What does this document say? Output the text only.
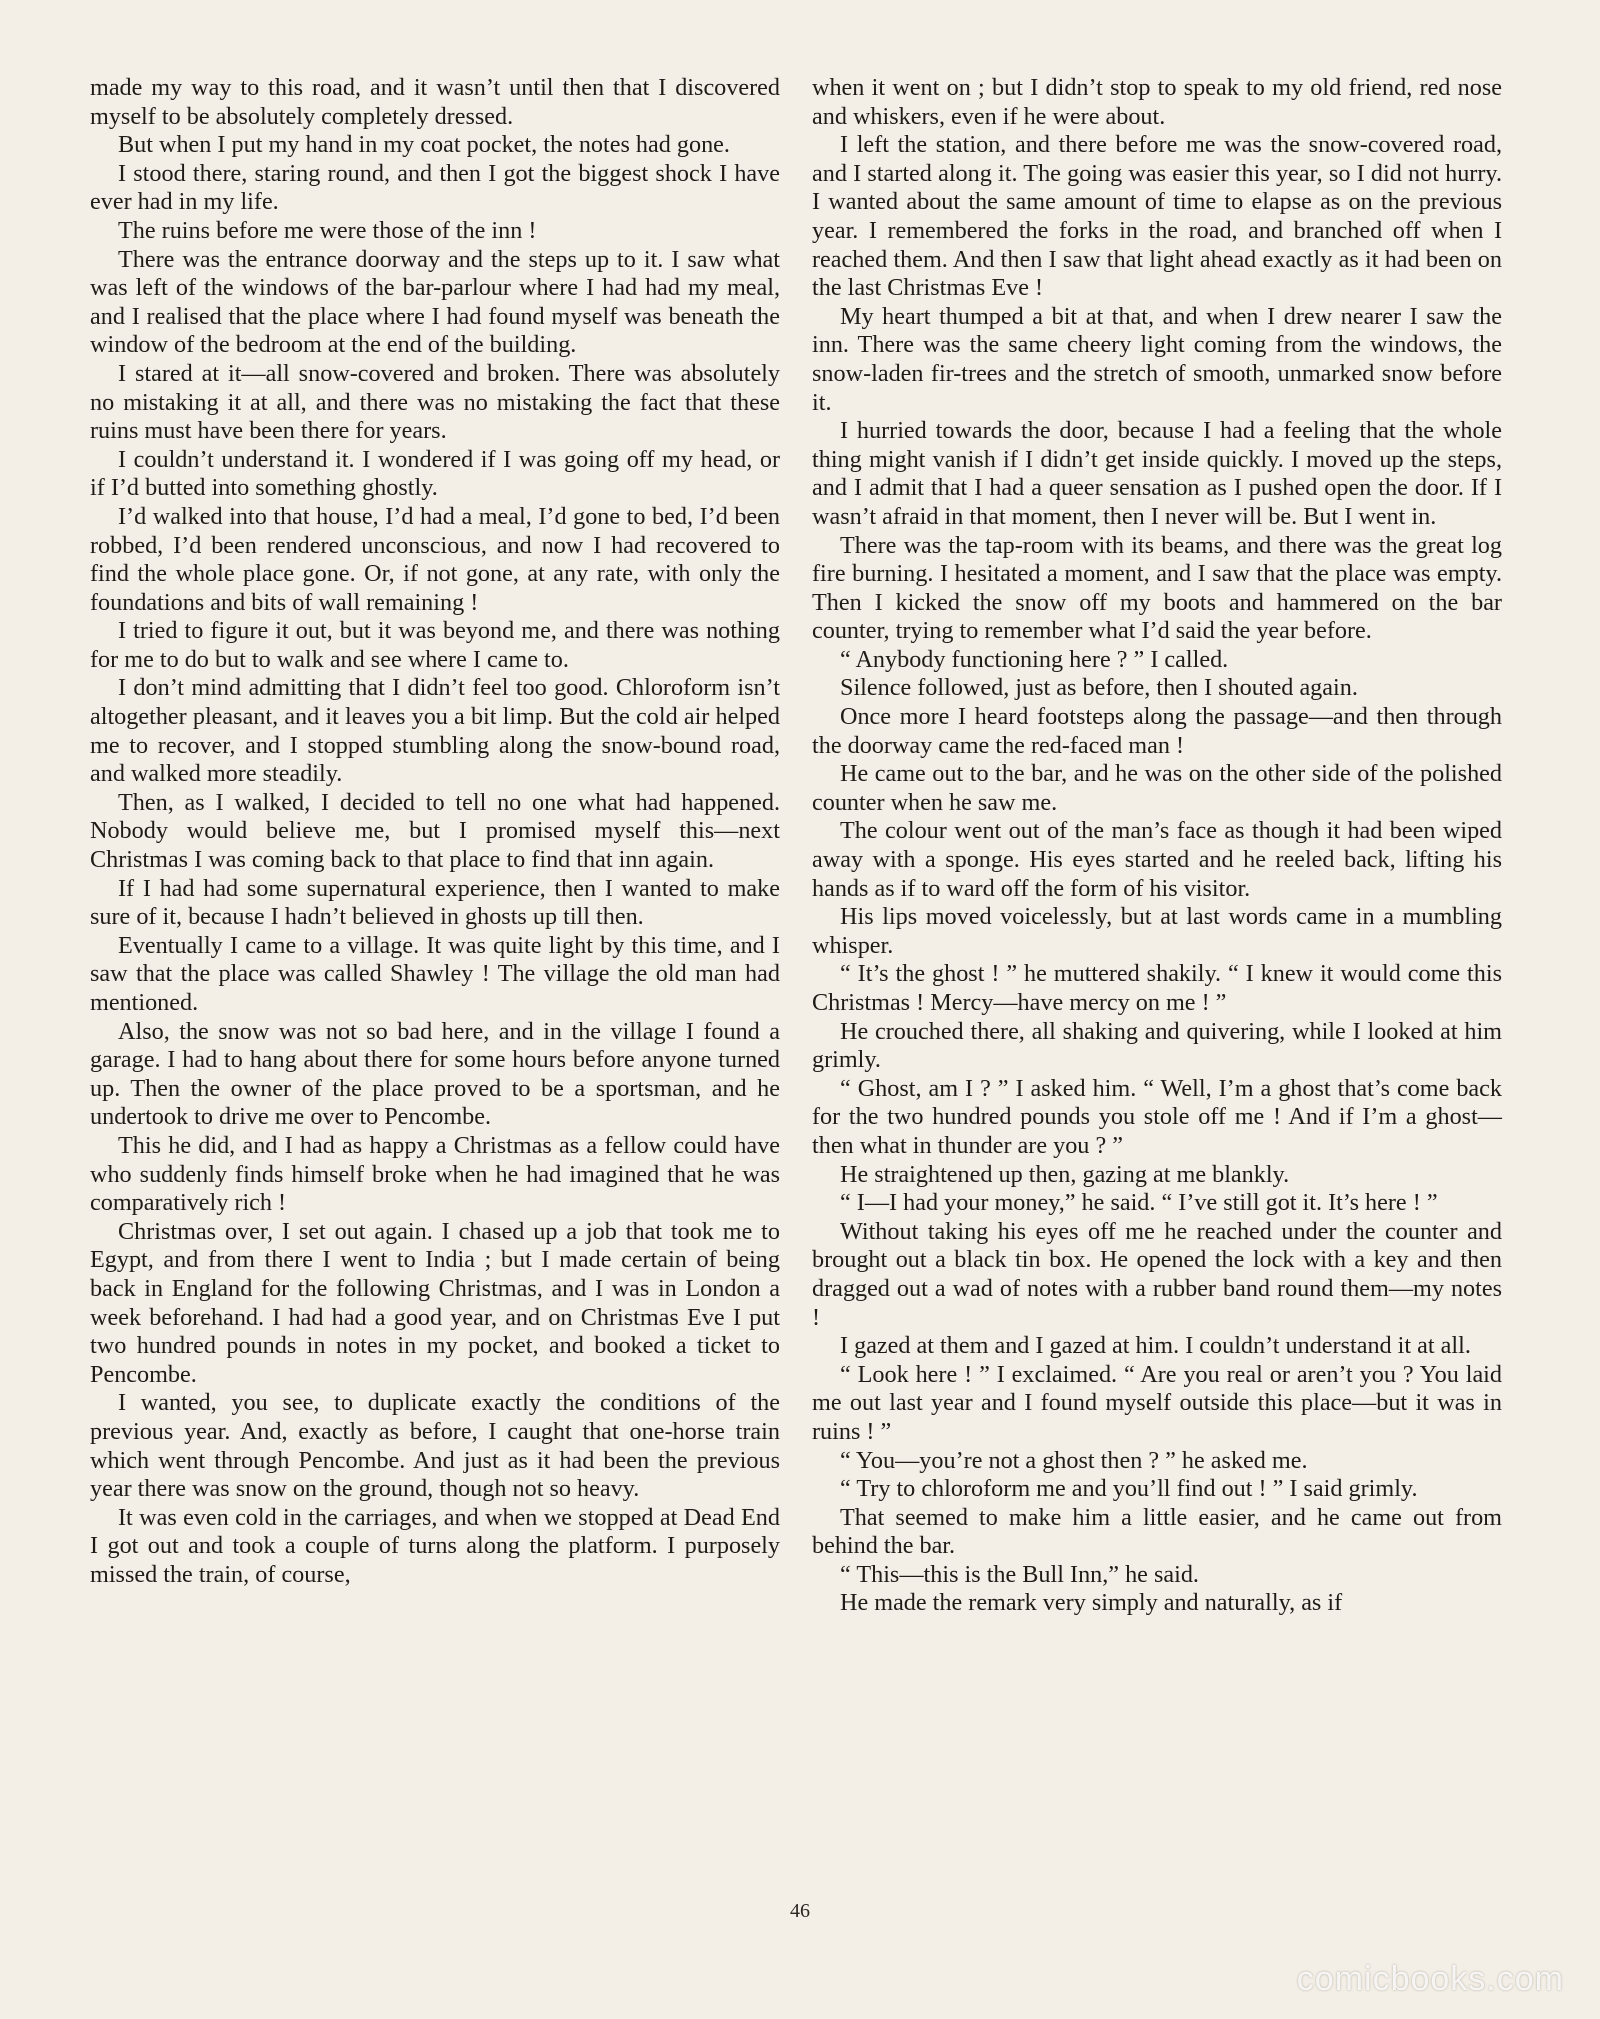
made my way to this road, and it wasn’t until then that I discovered myself to be absolutely completely dressed.

But when I put my hand in my coat pocket, the notes had gone.

I stood there, staring round, and then I got the biggest shock I have ever had in my life.

The ruins before me were those of the inn !

There was the entrance doorway and the steps up to it. I saw what was left of the windows of the bar-parlour where I had had my meal, and I realised that the place where I had found myself was beneath the window of the bedroom at the end of the building.

I stared at it—all snow-covered and broken. There was absolutely no mistaking it at all, and there was no mistaking the fact that these ruins must have been there for years.

I couldn’t understand it. I wondered if I was going off my head, or if I’d butted into something ghostly.

I’d walked into that house, I’d had a meal, I’d gone to bed, I’d been robbed, I’d been rendered unconscious, and now I had recovered to find the whole place gone. Or, if not gone, at any rate, with only the foundations and bits of wall remaining !

I tried to figure it out, but it was beyond me, and there was nothing for me to do but to walk and see where I came to.

I don’t mind admitting that I didn’t feel too good. Chloroform isn’t altogether pleasant, and it leaves you a bit limp. But the cold air helped me to recover, and I stopped stumbling along the snow-bound road, and walked more steadily.

Then, as I walked, I decided to tell no one what had happened. Nobody would believe me, but I promised myself this—next Christmas I was coming back to that place to find that inn again.

If I had had some supernatural experience, then I wanted to make sure of it, because I hadn’t believed in ghosts up till then.

Eventually I came to a village. It was quite light by this time, and I saw that the place was called Shawley ! The village the old man had mentioned.

Also, the snow was not so bad here, and in the village I found a garage. I had to hang about there for some hours before anyone turned up. Then the owner of the place proved to be a sportsman, and he undertook to drive me over to Pencombe.

This he did, and I had as happy a Christmas as a fellow could have who suddenly finds himself broke when he had imagined that he was comparatively rich !

Christmas over, I set out again. I chased up a job that took me to Egypt, and from there I went to India ; but I made certain of being back in England for the following Christmas, and I was in London a week beforehand. I had had a good year, and on Christmas Eve I put two hundred pounds in notes in my pocket, and booked a ticket to Pencombe.

I wanted, you see, to duplicate exactly the conditions of the previous year. And, exactly as before, I caught that one-horse train which went through Pencombe. And just as it had been the previous year there was snow on the ground, though not so heavy.

It was even cold in the carriages, and when we stopped at Dead End I got out and took a couple of turns along the platform. I purposely missed the train, of course,

when it went on ; but I didn’t stop to speak to my old friend, red nose and whiskers, even if he were about.

I left the station, and there before me was the snow-covered road, and I started along it. The going was easier this year, so I did not hurry. I wanted about the same amount of time to elapse as on the previous year. I remembered the forks in the road, and branched off when I reached them. And then I saw that light ahead exactly as it had been on the last Christmas Eve !

My heart thumped a bit at that, and when I drew nearer I saw the inn. There was the same cheery light coming from the windows, the snow-laden fir-trees and the stretch of smooth, unmarked snow before it.

I hurried towards the door, because I had a feeling that the whole thing might vanish if I didn’t get inside quickly. I moved up the steps, and I admit that I had a queer sensation as I pushed open the door. If I wasn’t afraid in that moment, then I never will be. But I went in.

There was the tap-room with its beams, and there was the great log fire burning. I hesitated a moment, and I saw that the place was empty. Then I kicked the snow off my boots and hammered on the bar counter, trying to remember what I’d said the year before.

“ Anybody functioning here ? ” I called.

Silence followed, just as before, then I shouted again.

Once more I heard footsteps along the passage—and then through the doorway came the red-faced man !

He came out to the bar, and he was on the other side of the polished counter when he saw me.

The colour went out of the man’s face as though it had been wiped away with a sponge. His eyes started and he reeled back, lifting his hands as if to ward off the form of his visitor.

His lips moved voicelessly, but at last words came in a mumbling whisper.

“ It’s the ghost ! ” he muttered shakily. “ I knew it would come this Christmas ! Mercy—have mercy on me ! ”

He crouched there, all shaking and quivering, while I looked at him grimly.

“ Ghost, am I ? ” I asked him. “ Well, I’m a ghost that’s come back for the two hundred pounds you stole off me ! And if I’m a ghost—then what in thunder are you ? ”

He straightened up then, gazing at me blankly.

“ I—I had your money,” he said. “ I’ve still got it. It’s here ! ”

Without taking his eyes off me he reached under the counter and brought out a black tin box. He opened the lock with a key and then dragged out a wad of notes with a rubber band round them—my notes !

I gazed at them and I gazed at him. I couldn’t understand it at all.

“ Look here ! ” I exclaimed. “ Are you real or aren’t you ? You laid me out last year and I found myself outside this place—but it was in ruins ! ”

“ You—you’re not a ghost then ? ” he asked me.

“ Try to chloroform me and you’ll find out ! ” I said grimly.

That seemed to make him a little easier, and he came out from behind the bar.

“ This—this is the Bull Inn,” he said.

He made the remark very simply and naturally, as if

46
comicbooks.com
